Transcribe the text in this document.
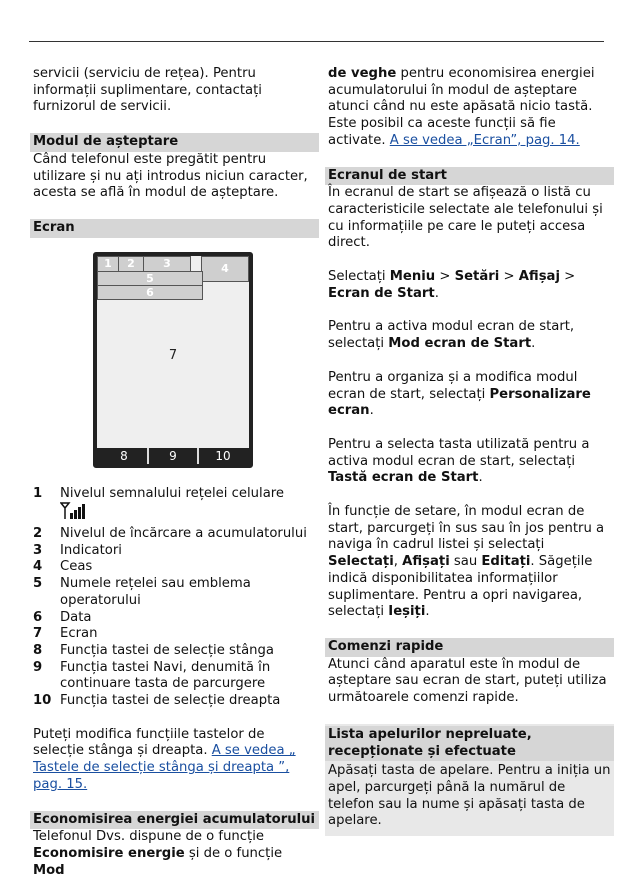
servicii (serviciu de rețea). Pentru informații suplimentare, contactați furnizorul de servicii.

Modul de așteptare

Când telefonul este pregătit pentru utilizare și nu ați introdus niciun caracter, acesta se află în modul de așteptare.

Ecran
1	2	3	4
5
6
7
8	9	10
1	Nivelul semnalului rețelei celulare

2	Nivelul de încărcare a acumulatorului
3	Indicatori
4	Ceas
5	Numele rețelei sau emblema operatorului
6	Data
7	Ecran
8	Funcția tastei de selecție stânga
9	Funcția tastei Navi, denumită în continuare tasta de parcurgere
10 Funcția tastei de selecție dreapta

Puteți modifica funcțiile tastelor de selecție stânga și dreapta. A se vedea „ Tastele de selecție stânga și dreapta ”, pag. 15.

Economisirea energiei acumulatorului

Telefonul Dvs. dispune de o funcție Economisire energie și de o funcție Mod

de veghe pentru economisirea energiei acumulatorului în modul de așteptare atunci când nu este apăsată nicio tastă. Este posibil ca aceste funcții să fie activate. A se vedea „Ecran”, pag. 14.

Ecranul de start

În ecranul de start se afișează o listă cu caracteristicile selectate ale telefonului și cu informațiile pe care le puteți accesa direct.

Selectați Meniu > Setări > Afișaj > Ecran de Start.

Pentru a activa modul ecran de start, selectați Mod ecran de Start.

Pentru a organiza și a modifica modul ecran de start, selectați Personalizare ecran.

Pentru a selecta tasta utilizată pentru a activa modul ecran de start, selectați Tastă ecran de Start.

În funcție de setare, în modul ecran de start, parcurgeți în sus sau în jos pentru a naviga în cadrul listei și selectați Selectați, Afișați sau Editați. Săgețile indică disponibilitatea informațiilor suplimentare. Pentru a opri navigarea, selectați Ieșiți.

Comenzi rapide

Atunci când aparatul este în modul de așteptare sau ecran de start, puteți utiliza următoarele comenzi rapide.

Lista apelurilor nepreluate, recepționate și efectuate

Apăsați tasta de apelare. Pentru a iniția un apel, parcurgeți până la numărul de telefon sau la nume și apăsați tasta de apelare.
